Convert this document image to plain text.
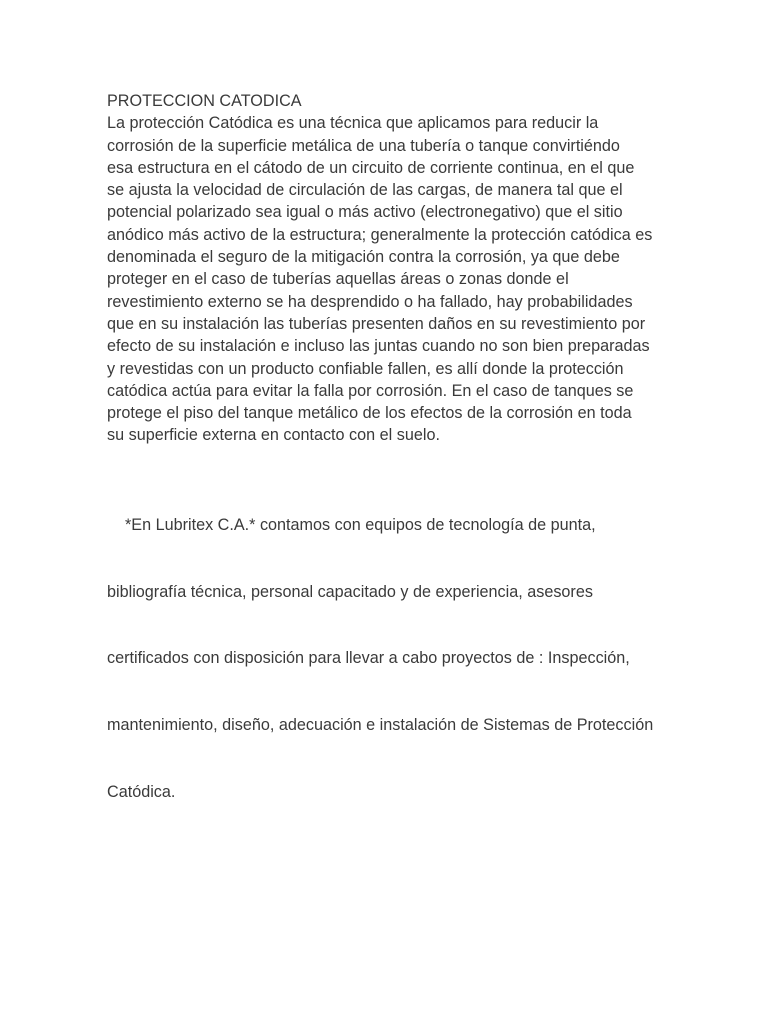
PROTECCION CATODICA

La protección Catódica es una técnica que aplicamos para reducir la
corrosión de la superficie metálica de una tubería o tanque convirtiéndo
esa estructura en el cátodo de un circuito de corriente continua, en el que
se ajusta la velocidad de circulación de las cargas, de manera tal que el
potencial polarizado sea igual o más activo (electronegativo) que el sitio
anódico más activo de la estructura; generalmente la protección catódica es
denominada el seguro de la mitigación contra la corrosión, ya que debe
proteger en el caso de tuberías aquellas áreas o zonas donde el
revestimiento externo se ha desprendido o ha fallado, hay probabilidades
que en su instalación las tuberías presenten daños en su revestimiento por
efecto de su instalación e incluso las juntas cuando no son bien preparadas
y revestidas con un producto confiable fallen, es allí donde la protección
catódica actúa para evitar la falla por corrosión. En el caso de tanques se
protege el piso del tanque metálico de los efectos de la corrosión en toda
su superficie externa en contacto con el suelo.

*En Lubritex C.A.* contamos con equipos de tecnología de punta,

bibliografía técnica, personal capacitado y de experiencia, asesores

certificados con disposición para llevar a cabo proyectos de : Inspección,

mantenimiento, diseño, adecuación e instalación de Sistemas de Protección

Catódica.
